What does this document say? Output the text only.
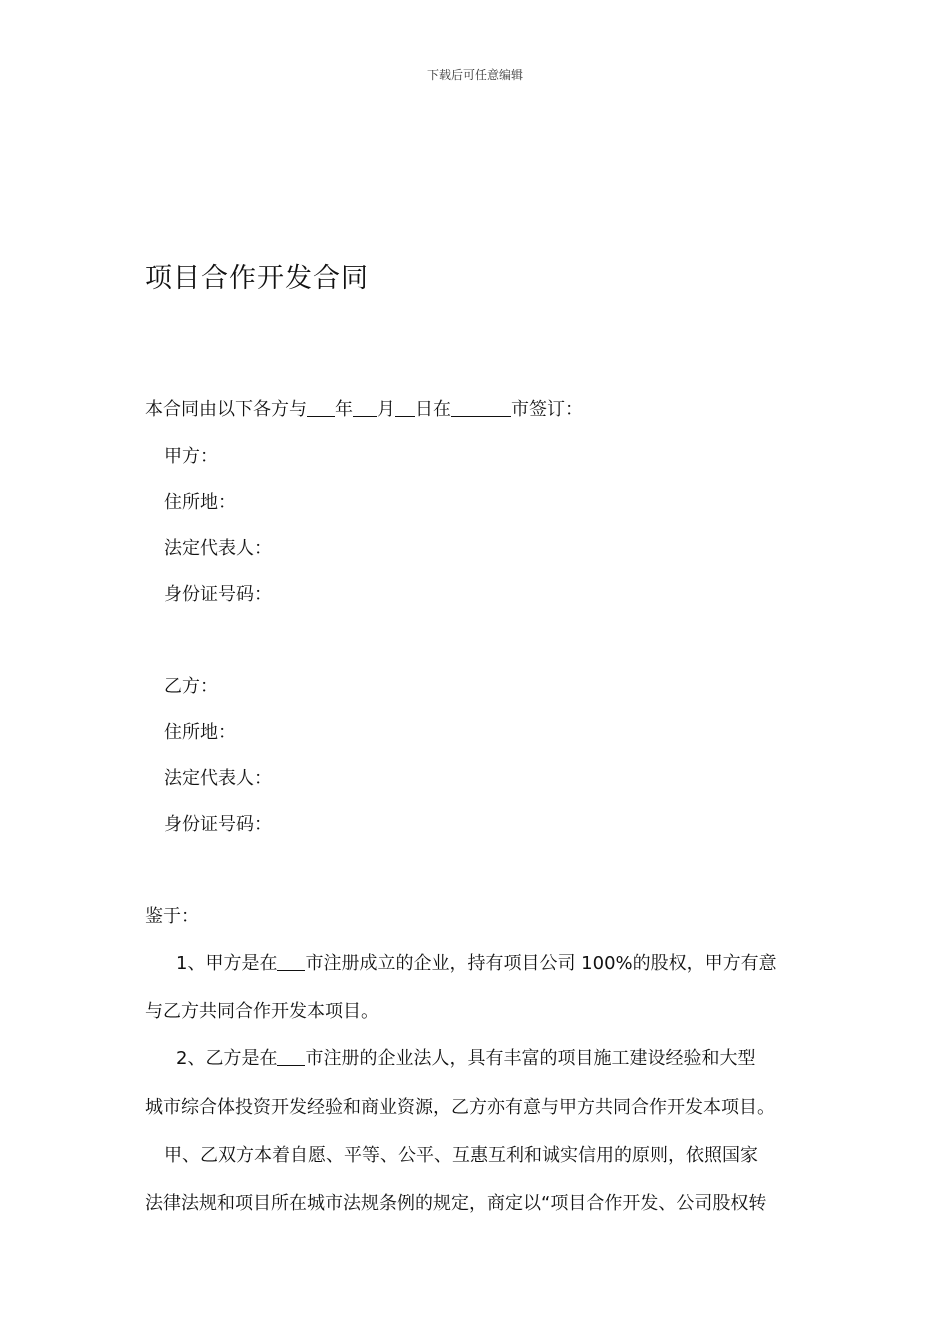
下载后可任意编辑
项目合作开发合同
本合同由以下各方与 年 月 日在	市签订：
甲方：
住所地：
法定代表人：
身份证号码：
乙方：
住所地：
法定代表人：
身份证号码：
鉴于：
1、甲方是在 市注册成立的企业，持有项目公司 100%的股权，甲方有意
与乙方共同合作开发本项目。
2、乙方是在 市注册的企业法人，具有丰富的项目施工建设经验和大型
城市综合体投资开发经验和商业资源，乙方亦有意与甲方共同合作开发本项目。
甲、乙双方本着自愿、平等、公平、互惠互利和诚实信用的原则，依照国家
法律法规和项目所在城市法规条例的规定，商定以“项目合作开发、公司股权转
